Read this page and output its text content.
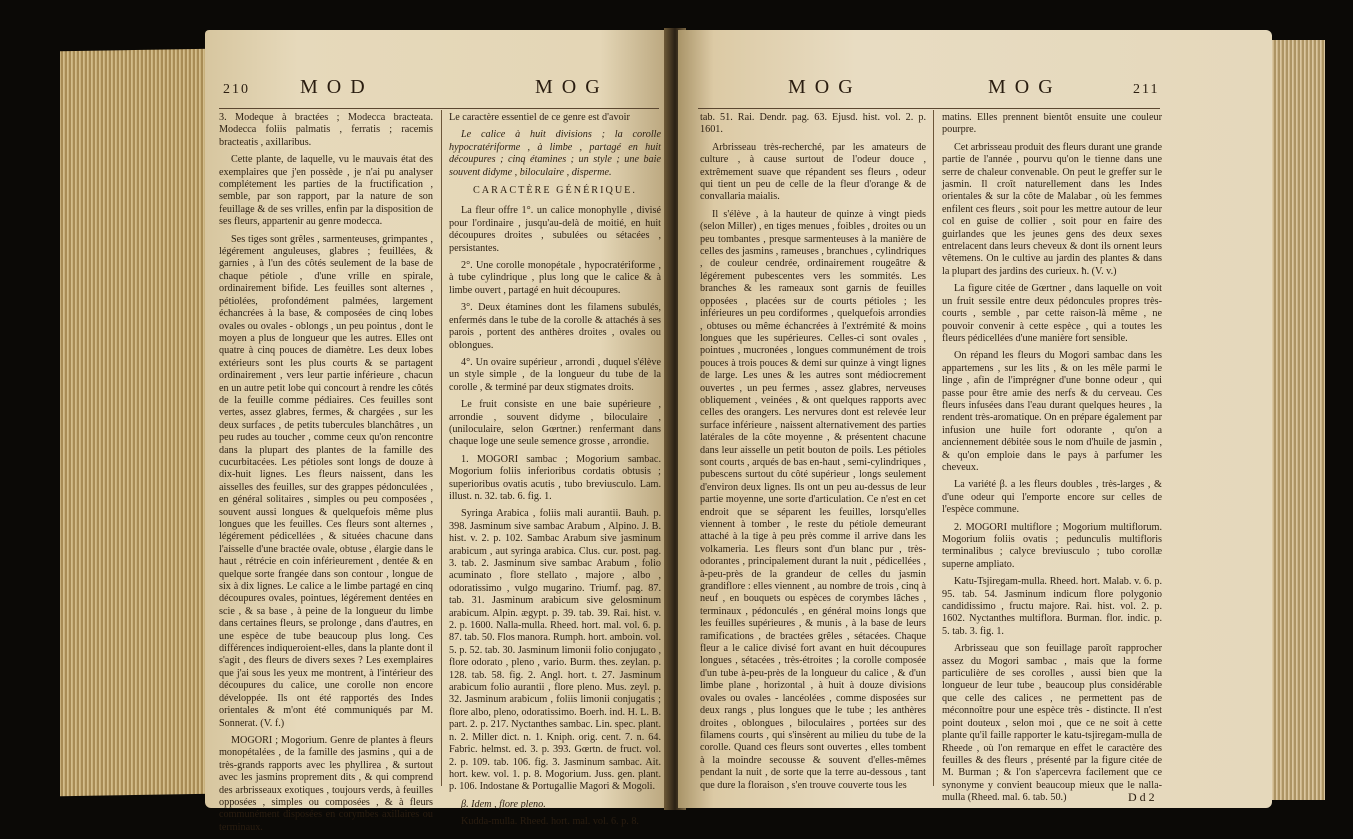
210	M O D	M O G

3. Modeque à bractées ; Modecca bracteata. Modecca foliis palmatis , ferratis ; racemis bracteatis , axillaribus.

Cette plante, de laquelle, vu le mauvais état des exemplaires que j'en possède , je n'ai pu analyser complétement les parties de la fructification , semble, par son rapport, par la nature de son feuillage & de ses vrilles, enfin par la disposition de ses fleurs, appartenir au genre modecca.

Ses tiges sont grêles , sarmenteuses, grimpantes , légérement anguleuses, glabres ; feuillées, & garnies , à l'un des côtés seulement de la base de chaque pétiole , d'une vrille en spirale, ordinairement bifide. Les feuilles sont alternes , pétiolées, profondément palmées, largement échancrées à la base, & composées de cinq lobes ovales ou ovales - oblongs , un peu pointus , dont le moyen a plus de longueur que les autres. Elles ont quatre à cinq pouces de diamètre. Les deux lobes extérieurs sont les plus courts & se partagent ordinairement , vers leur partie inférieure , chacun en un autre petit lobe qui concourt à rendre les côtés de la feuille comme pédiaires. Ces feuilles sont vertes, assez glabres, fermes, & chargées , sur les deux surfaces , de petits tubercules blanchâtres , un peu rudes au toucher , comme ceux qu'on rencontre dans la plupart des plantes de la famille des cucurbitacées. Les pétioles sont longs de douze à dix-huit lignes. Les fleurs naissent, dans les aisselles des feuilles, sur des grappes pédonculées , en général solitaires , simples ou peu composées , souvent aussi longues & quelquefois même plus longues que les feuilles. Ces fleurs sont alternes , légérement pédicellées , & situées chacune dans l'aisselle d'une bractée ovale, obtuse , élargie dans le haut , rétrécie en coin inférieurement , dentée & en quelque sorte frangée dans son contour , longue de six à dix lignes. Le calice a le limbe partagé en cinq découpures ovales, pointues, légérement dentées en scie , & sa base , à peine de la longueur du limbe dans certaines fleurs, se prolonge , dans d'autres, en une espèce de tube beaucoup plus long. Ces différences indiqueroient-elles, dans la plante dont il s'agit , des fleurs de divers sexes ? Les exemplaires que j'ai sous les yeux me montrent, à l'intérieur des découpures du calice, une corolle non encore développée. Ils ont été rapportés des Indes orientales & m'ont été communiqués par M. Sonnerat. (V. f.)

MOGORI ; Mogorium. Genre de plantes à fleurs monopétalées , de la famille des jasmins , qui a de très-grands rapports avec les phyllirea , & surtout avec les jasmins proprement dits , & qui comprend des arbrisseaux exotiques , toujours verds, à feuilles opposées , simples ou composées , & à fleurs communément disposées en corymbes axillaires ou terminaux.

Le caractère essentiel de ce genre est d'avoir

Le calice à huit divisions ; la corolle hypocratériforme , à limbe , partagé en huit découpures ; cinq étamines ; un style ; une baie souvent didyme , biloculaire , dispermе.

CARACTÈRE GÉNÉRIQUE.

La fleur offre 1°. un calice monophylle , divisé pour l'ordinaire , jusqu'au-delà de moitié, en huit découpures droites , subulées ou sétacées , persistantes.

2°. Une corolle monopétale , hypocratériforme , à tube cylindrique , plus long que le calice & à limbe ouvert , partagé en huit découpures.

3°. Deux étamines dont les filamens subulés, enfermés dans le tube de la corolle & attachés à ses parois , portent des anthères droites , ovales ou oblongues.

4°. Un ovaire supérieur , arrondi , duquel s'élève un style simple , de la longueur du tube de la corolle , & terminé par deux stigmates droits.

Le fruit consiste en une baie supérieure , arrondie , souvent didyme , biloculaire , (uniloculaire, selon Gœrtner.) renfermant dans chaque loge une seule semence grosse , arrondie.

1. MOGORI sambac ; Mogorium sambac. Mogorium foliis inferioribus cordatis obtusis ; superioribus ovatis acutis , tubo breviusculo. Lam. illust. n. 32. tab. 6. fig. 1.

Syringa Arabica , foliis mali aurantii. Bauh. p. 398. Jasminum sive sambac Arabum , Alpino. J. B. hist. v. 2. p. 102. Sambac Arabum sive jasminum arabicum , aut syringa arabica. Clus. cur. post. pag. 3. tab. 2. Jasminum sive sambac Arabum , folio acuminato , flore stellato , majore , albo , odoratissimo , vulgo mugarino. Triumf. pag. 87. tab. 31. Jasminum arabicum sive gelosminum arabicum. Alpin. ægypt. p. 39. tab. 39. Rai. hist. v. 2. p. 1600. Nalla-mulla. Rheed. hort. mal. vol. 6. p. 87. tab. 50. Flos manora. Rumph. hort. amboin. vol. 5. p. 52. tab. 30. Jasminum limonii folio conjugato , flore odorato , pleno , vario. Burm. thes. zeylan. p. 128. tab. 58. fig. 2. Angl. hort. t. 27. Jasminum arabicum folio aurantii , flore pleno. Mus. zeyl. p. 32. Jasminum arabicum , foliis limonii conjugatis ; flore albo, pleno, odoratissimo. Boerh. ind. H. L. B. part. 2. p. 217. Nyctanthes sambac. Lin. spec. plant. n. 2. Miller dict. n. 1. Kniph. orig. cent. 7. n. 64. Fabric. helmst. ed. 3. p. 393. Gœrtn. de fruct. vol. 2. p. 109. tab. 106. fig. 3. Jasminum sambac. Ait. hort. kew. vol. 1. p. 8. Mogorium. Juss. gen. plant. p. 106. Indostane & Portugallie Magori & Mogolі.

β. Idem , flore pleno.

Kudda-mulla. Rheed. hort. mal. vol. 6. p. 8.

M O G	M O G	211

tab. 51. Rai. Dendr. pag. 63. Ejusd. hist. vol. 2. p. 1601.

Arbrisseau très-recherché, par les amateurs de culture , à cause surtout de l'odeur douce , extrêmement suave que répandent ses fleurs , odeur qui tient un peu de celle de la fleur d'orange & de convallaria maialis.

Il s'élève , à la hauteur de quinze à vingt pieds (selon Miller) , en tiges menues , foibles , droites ou un peu tombantes , presque sarmenteuses à la manière de celles des jasmins , rameuses , branchues , cylindriques , de couleur cendrée, ordinairement rougeâtre & légérement pubescentes vers les sommités. Les branches & les rameaux sont garnis de feuilles opposées , placées sur de courts pétioles ; les inférieures un peu cordiformes , quelquefois arrondies , obtuses ou même échancrées à l'extrémité & moins longues que les supérieures. Celles-ci sont ovales , pointues , mucronées , longues communément de trois pouces à trois pouces & demi sur quinze à vingt lignes de large. Les unes & les autres sont médiocrement ouvertes , un peu fermes , assez glabres, nerveuses obliquement , veinées , & ont quelques rapports avec celles des orangers. Les nervures dont est relevée leur surface inférieure , naissent alternativement des parties latérales de la côte moyenne , & présentent chacune dans leur aisselle un petit bouton de poils. Les pétioles sont courts , arqués de bas en-haut , semi-cylindriques , pubescens surtout du côté supérieur , longs seulement d'environ deux lignes. Ils ont un peu au-dessus de leur partie moyenne, une sorte d'articulation. Ce n'est en cet endroit que se séparent les feuilles, lorsqu'elles viennent à tomber , le reste du pétiole demeurant attaché à la tige à peu près comme il arrive dans les volkameria. Les fleurs sont d'un blanc pur , très-odorantes , principalement durant la nuit , pédicellées , à-peu-près de la grandeur de celles du jasmin grandiflore : elles viennent , au nombre de trois , cinq à neuf , en bouquets ou espèces de corymbes lâches , terminaux , pédonculés , en général moins longs que les feuilles supérieures , & munis , à la base de leurs ramifications , de bractées grêles , sétacées. Chaque fleur a le calice divisé fort avant en huit découpures longues , sétacées , très-étroites ; la corolle composée d'un tube à-peu-près de la longueur du calice , & d'un limbe plane , horizontal , à huit à douze divisions ovales ou ovales - lancéolées , comme disposées sur deux rangs , plus longues que le tube ; les anthères droites , oblongues , biloculaires , portées sur des filamens courts , qui s'insèrent au milieu du tube de la corolle. Quand ces fleurs sont ouvertes , elles tombent à la moindre secousse & souvent d'elles-mêmes pendant la nuit , de sorte que la terre au-dessous , tant que dure la floraison , s'en trouve couverte tous les

matins. Elles prennent bientôt ensuite une couleur pourpre.

Cet arbrisseau produit des fleurs durant une grande partie de l'année , pourvu qu'on le tienne dans une serre de chaleur convenable. On peut le greffer sur le jasmin. Il croît naturellement dans les Indes orientales & sur la côte de Malabar , où les femmes enfilent ces fleurs , soit pour les mettre autour de leur col en guise de collier , soit pour en faire des guirlandes que les jeunes gens des deux sexes entrelacent dans leurs cheveux & dont ils ornent leurs vêtemens. On le cultive au jardin des plantes & dans la plupart des jardins des curieux. ħ. (V. v.)

La figure citée de Gœrtner , dans laquelle on voit un fruit sessile entre deux pédoncules propres très-courts , semble , par cette raison-là même , ne pouvoir convenir à cette espèce , qui a toutes les fleurs pédicellées d'une manière fort sensible.

On répand les fleurs du Mogori sambac dans les appartemens , sur les lits , & on les mêle parmi le linge , afin de l'imprégner d'une bonne odeur , qui passe pour être amie des nerfs & du cerveau. Ces fleurs infusées dans l'eau durant quelques heures , la rendent très-aromatique. On en prépare également par infusion une huile fort odorante , qu'on a anciennement débitée sous le nom d'huile de jasmin , & qu'on emploie dans le pays à parfumer les cheveux.

La variété β. a les fleurs doubles , très-larges , & d'une odeur qui l'emporte encore sur celles de l'espèce commune.

2. MOGORI multiflore ; Mogorium multiflorum. Mogorium foliis ovatis ; pedunculis multifloris terminalibus ; calyce breviusculo ; tubo corollæ superne ampliato.

Katu-Tsjiregam-mulla. Rheed. hort. Malab. v. 6. p. 95. tab. 54. Jasminum indicum flore polygonio candidissimo , fructu majore. Rai. hist. vol. 2. p. 1602. Nyctanthes multiflora. Burman. flor. indic. p. 5. tab. 3. fig. 1.

Arbrisseau que son feuillage paroît rapprocher assez du Mogori sambac , mais que la forme particulière de ses corolles , aussi bien que la longueur de leur tube , beaucoup plus considérable que celle des calices , ne permettent pas de méconnoître pour une espèce très - distincte. Il n'est point douteux , selon moi , que ce ne soit à cette plante qu'il faille rapporter le katu-tsjiregam-mulla de Rheede , où l'on remarque en effet le caractère des feuilles & des fleurs , présenté par la figure citée de M. Burman ; & l'on s'apercevra facilement que ce synonyme y convient beaucoup mieux que le nalla-mulla (Rheed. mal. 6. tab. 50.)	D d 2
